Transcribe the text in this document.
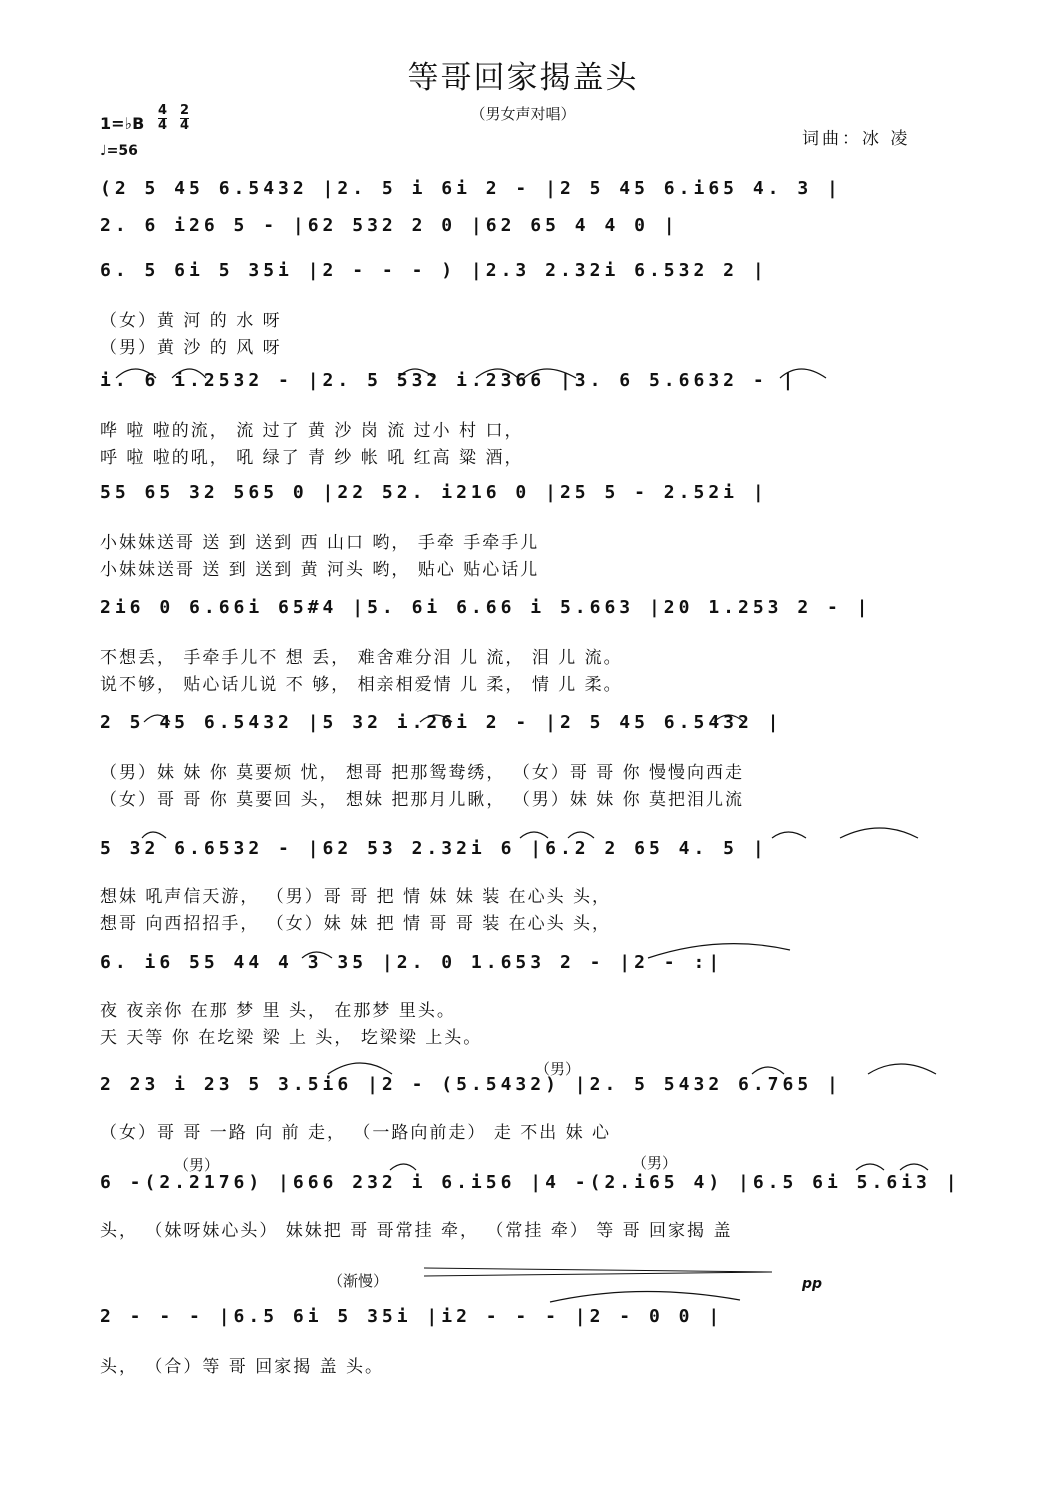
等哥回家揭盖头
（男女声对唱）
词曲：冰 凌
1=♭B
4
4
2
4
♩=56
(2 5 45 6.5432 |2. 5 i 6i 2 - |2 5 45 6.i65 4. 3 |
2. 6 i26 5 - |62 532 2 0 |62 65 4 4 0 |
6. 5 6i 5 35i |2 - - - ) |2.3 2.32i 6.532 2 |
（女）黄 河 的 水 呀
（男）黄 沙 的 风 呀
i. 6 i.2532 - |2. 5 532 i.2366 |3. 6 5.6632 - |
哗 啦 啦的流， 流 过了 黄 沙 岗 流 过小 村 口，
呼 啦 啦的吼， 吼 绿了 青 纱 帐 吼 红高 粱 酒，
55 65 32 565 0 |22 52. i216 0 |25 5 - 2.52i |
小妹妹送哥 送 到 送到 西 山口 哟， 手牵 手牵手儿
小妹妹送哥 送 到 送到 黄 河头 哟， 贴心 贴心话儿
2i6 0 6.66i 65#4 |5. 6i 6.66 i 5.663 |20 1.253 2 - |
不想丢， 手牵手儿不 想 丢， 难舍难分泪 儿 流， 泪 儿 流。
说不够， 贴心话儿说 不 够， 相亲相爱情 儿 柔， 情 儿 柔。
2 5 45 6.5432 |5 32 i.26i 2 - |2 5 45 6.5432 |
（男）妹 妹 你 莫要烦 忧， 想哥 把那鸳鸯绣， （女）哥 哥 你 慢慢向西走
（女）哥 哥 你 莫要回 头， 想妹 把那月儿瞅， （男）妹 妹 你 莫把泪儿流
5 32 6.6532 - |62 53 2.32i 6 |6.2 2 65 4. 5 |
想妹 吼声信天游， （男）哥 哥 把 情 妹 妹 装 在心头 头，
想哥 向西招招手， （女）妹 妹 把 情 哥 哥 装 在心头 头，
6. i6 55 44 4 3 35 |2. 0 1.653 2 - |2 - :|
夜 夜亲你 在那 梦 里 头， 在那梦 里头。
天 天等 你 在圪梁 梁 上 头， 圪梁梁 上头。
2 23 i 23 5 3.5i6 |2 - (5.5432) |2. 5 5432 6.765 |
（女）哥 哥 一路 向 前 走， （一路向前走） 走 不出 妹 心
6 -(2.2176) |666 232 i 6.i56 |4 -(2.i65 4) |6.5 6i 5.6i3 |
头， （妹呀妹心头） 妹妹把 哥 哥常挂 牵， （常挂 牵） 等 哥 回家揭 盖
2 - - - |6.5 6i 5 35i |i2 - - - |2 - 0 0 |
头， （合）等 哥 回家揭 盖 头。
（男）
（男）	（男）
（渐慢）	pp
